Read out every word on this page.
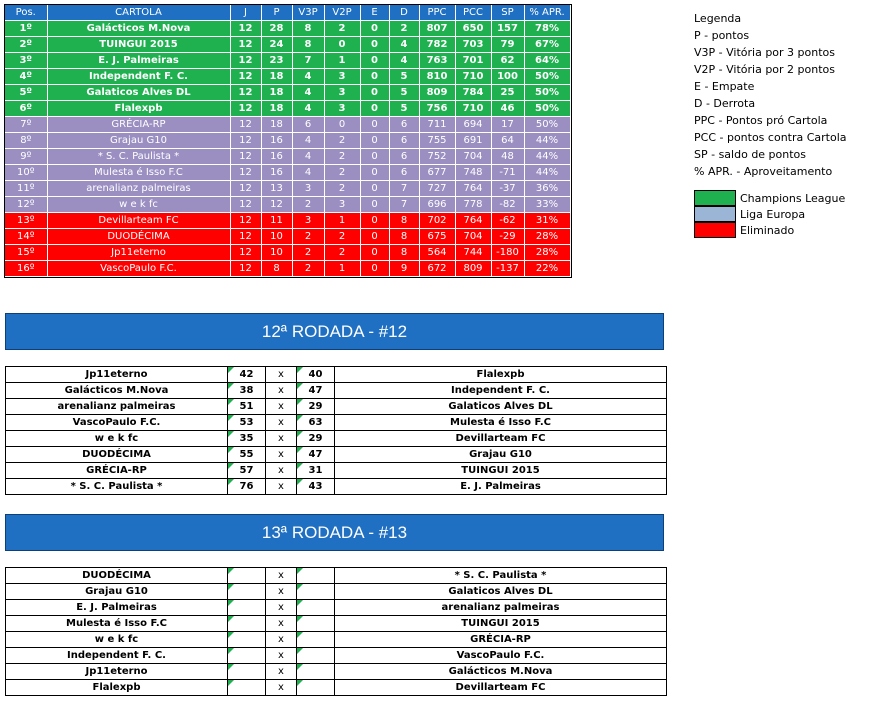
Pos.	CARTOLA	J	P	V3P	V2P	E	D	PPC	PCC	SP	% APR.
1º	Galácticos M.Nova	12	28	8	2	0	2	807	650	157	78%
2º	TUINGUI 2015	12	24	8	0	0	4	782	703	79	67%
3º	E. J. Palmeiras	12	23	7	1	0	4	763	701	62	64%
4º	Independent F. C.	12	18	4	3	0	5	810	710	100	50%
5º	Galaticos Alves DL	12	18	4	3	0	5	809	784	25	50%
6º	Flalexpb	12	18	4	3	0	5	756	710	46	50%
7º	GRÉCIA-RP	12	18	6	0	0	6	711	694	17	50%
8º	Grajau G10	12	16	4	2	0	6	755	691	64	44%
9º	* S. C. Paulista *	12	16	4	2	0	6	752	704	48	44%
10º	Mulesta é Isso F.C	12	16	4	2	0	6	677	748	-71	44%
11º	arenalianz palmeiras	12	13	3	2	0	7	727	764	-37	36%
12º	w e k fc	12	12	2	3	0	7	696	778	-82	33%
13º	Devillarteam FC	12	11	3	1	0	8	702	764	-62	31%
14º	DUODÉCIMA	12	10	2	2	0	8	675	704	-29	28%
15º	Jp11eterno	12	10	2	2	0	8	564	744	-180	28%
16º	VascoPaulo F.C.	12	8	2	1	0	9	672	809	-137	22%
Legenda
P - pontos
V3P - Vitória por 3 pontos
V2P - Vitória por 2 pontos
E - Empate
D - Derrota
PPC - Pontos pró Cartola
PCC - pontos contra Cartola
SP - saldo de pontos
% APR. - Aproveitamento
Champions League
Liga Europa
Eliminado
12ª RODADA - #12
Jp11eterno	42	x	40	Flalexpb
Galácticos M.Nova	38	x	47	Independent F. C.
arenalianz palmeiras	51	x	29	Galaticos Alves DL
VascoPaulo F.C.	53	x	63	Mulesta é Isso F.C
w e k fc	35	x	29	Devillarteam FC
DUODÉCIMA	55	x	47	Grajau G10
GRÉCIA-RP	57	x	31	TUINGUI 2015
* S. C. Paulista *	76	x	43	E. J. Palmeiras
13ª RODADA - #13
DUODÉCIMA		x		* S. C. Paulista *
Grajau G10		x		Galaticos Alves DL
E. J. Palmeiras		x		arenalianz palmeiras
Mulesta é Isso F.C		x		TUINGUI 2015
w e k fc		x		GRÉCIA-RP
Independent F. C.		x		VascoPaulo F.C.
Jp11eterno		x		Galácticos M.Nova
Flalexpb		x		Devillarteam FC
